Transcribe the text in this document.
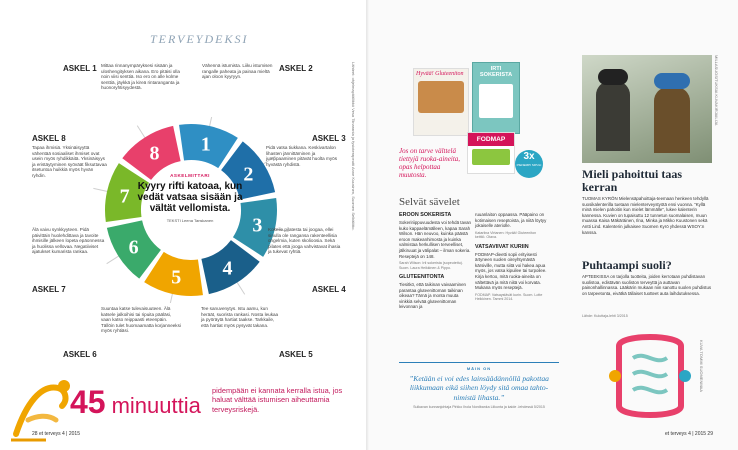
TERVEYDEKSI
1
2
3
4
5
6
7
8
ASKELMITTARI
Kyyry rifti katoaa, kun vedät vatsaa sisään ja vältät vellomista.
TEKSTI Leena Tanskanen
ASKEL 1 Mittaa rinnanympäryksesi sisään ja uloshengityksen aikana. Ero pitäisi olla noin viisi senttiä. Iso ero on alle kolme senttiä, jäykkä ja kireä rintaranganta ja huonoryhtisyydestä.
ASKEL 2
Vähennä istumista. Liiku istumisen rangalle paheata ja painaa mieltä ajan oloon kyyryyn.
ASKEL 3
Pidä vatsa tiukkana. Keskivartalon lihasten jännittäminen ja jumppaaminen pitävät huolta myös hyvästä ryhdistä.
ASKEL 4
Kokeile pilatesta tai joogaa, ellei sinulla ole rangansa rakenteellisia ongelmia, kuten skolioosia. Sekä pilates että jooga vahvistavat ihasia ja tukevat ryhtiä.
ASKEL 5
Tee sanuvenytys. Istu aamu, kun heräät, suorista rankasi. Nosta leukaa ja pyöräytä hartiat taakse. Tarkkaile, että hartiat myös pysyvät takana.
ASKEL 6
Suuntaa katse tulevaisuuteen. Älä katsele jalkoihisi tai ripuita pääläsi, vaan katso reippaasti eteenpäin. Tällöin tulet huomaamatta korjanneeksi myös ryhtiäsi.
ASKEL 7
Älä vaivu synkkyyteen. Pidä päivittäin huolehdittava ja tavoite ihmisille jälkeen lopeta epäonnessa ja huolissa vellovaa. Negatiiviset ajatukset kumarista rankaa.
ASKEL 8
Tapaa ihmisiä. Yksinäisyyttä vähentää sosiaaliset ihmiset ovat usein myös ryhdikkäitä. Yksinäisyys ja eristäytyminen syöväät fiksuttavaa itsetuntoa huikkiä myös hyvän ryhdin.	Lähteet: ohjelmapäällikkö Vesa Tiinaranta ja fysioterapeutti Anne Kuusinen, Suomen Selkäliitto.
45 minuuttia
pidempään ei kannata kerralla istua, jos haluat välttää istumisen aiheuttamia terveysriskejä.
28 et terveys 4 | 2015
Hyvää! Gluteeniton
IRTI SOKERISTA
FODMAP
3x
PIENEMPI SIPULI
Jos on tarve välttelä tiettyjä ruoka-aineita, opas helpottaa muutosta.
Selvät sävelet
EROON SOKERISTA
Sokeririippuvuudesta voi tehdä tavan kuko kappaelämälleen, kapaa Sarah Wilson. Hän neuvoo, kuinka päästä eroon makeanhimosta ja kuinka valmistaa herkullisen terveelliset, jälkiruuat ja välipalat – ilman sokeria. Reseptejä on 148.
Sarah Wilson: Irti sokerista (sopeutettu). Suom. Laura Heikkinen & Pippo.
GLUTEENITONTA
Tiesitkö, että taikinan vaivaaminen parantaa gluteenittoman taikinan oikeaa? Tärnä ja monta muuta vinkkiä selvää gluteenittoman leivonnan ja
ruuanlaiton oppaassa. Pääpaino on kotimaisen reseptoista, ja niitä löytyy jokaiselle ateriolle.
Katariina Virtanen: Hyvää! Gluteeniton keittiö. Otava.
VATSAVIIVAT KURIIN
FODMAP-dieetti sopii erityisesti ärtyneen suolen oireyhtymästä kärsiville, mutta siitä voi hakea apua myös, jos vatsa kipuilee tai turpoilee. Kirja kertoo, mitä ruoka-aineita on vältettävä ja mitä niitä voi korvata. Mukana myös reseptejä.
FODMAP. Vatsaystävät kurin. Suom. Lotte Heikkinen. Tammi 2014.
MÄIN ON
”Ketään ei voi edes lainsäädännöllä pakottaa liikkumaan eikä siihen löydy sitä omaa tahto-nimistä lihasta.”
Sulkavan kunnanjohtaja Pirkko Ihola Nordbanka Liikunta ja kaide -lehdessä 5/2015
MILLASUOSITUKSIA KUVAKIRJAILIJA
Mieli pahoittui taas kerran
TUOMAS KYRÖN Mielensäpahoittaja-teemaan henkeen tehdyllä suosikalenterilla tuetaan mielenterveystyötä ensi vuonna. ”Kyllä minä mielen pahoitin kun mielet lämmälle”, lukee kalenterin kannessa. Kuvien on tupaisuttu 12 tunnetun suomalaisen, muun muassa Kaisa Mäkäräinen, Ilna, Minka ja Mikko Kuustonen sekä Antti Lind. Kalenterin julkaisee Suomen Kyrö yhdessä WSOY:n kanssa.
Puhtaampi suoli?
APTEEKISSA on tarjolla tuotteita, joiden kerrotaan puhdistavan suolistoa, edistävän suoliston terveyttä ja auttavan painonhallinnassa. Lääkärin mukaan niin sanottu suolen puhdistus on tarpeetonta, eivätkä tällaiset tuotteet auta laihdutuksessa.
Lähde: Kuluttaja-lehti 3/2015
KUVA TOMMI SUOMENMAA
et terveys 4 | 2015 29
